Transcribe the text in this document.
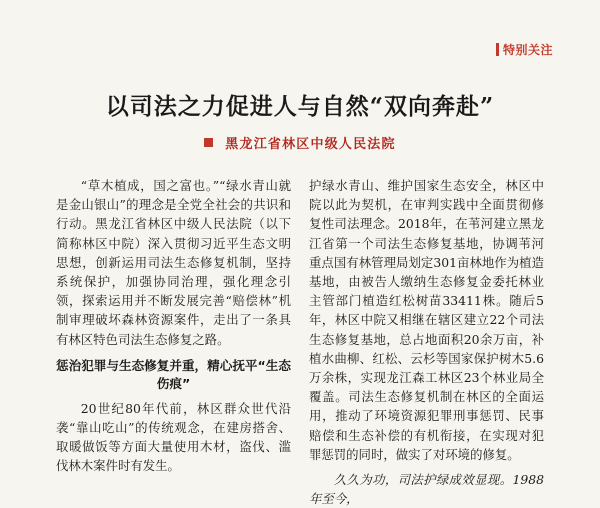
特别关注
以司法之力促进人与自然“双向奔赴”
黑龙江省林区中级人民法院

“草木植成，国之富也。”“绿水青山就是金山银山”的理念是全党全社会的共识和行动。黑龙江省林区中级人民法院（以下简称林区中院）深入贯彻习近平生态文明思想，创新运用司法生态修复机制，坚持系统保护，加强协同治理，强化理念引领，探索运用并不断发展完善“赔偿林”机制审理破坏森林资源案件，走出了一条具有林区特色司法生态修复之路。

惩治犯罪与生态修复并重，精心抚平“生态伤痕”

20世纪80年代前，林区群众世代沿袭“靠山吃山”的传统观念，在建房搭舍、取暖做饭等方面大量使用木材，盗伐、滥伐林木案件时有发生。

护绿水青山、维护国家生态安全，林区中院以此为契机，在审判实践中全面贯彻修复性司法理念。2018年，在苇河建立黑龙江省第一个司法生态修复基地，协调苇河重点国有林管理局划定301亩林地作为植造基地，由被告人缴纳生态修复金委托林业主管部门植造红松树苗33411株。随后5年，林区中院又相继在辖区建立22个司法生态修复基地，总占地面积20余万亩，补植水曲柳、红松、云杉等国家保护树木5.6万余株，实现龙江森工林区23个林业局全覆盖。司法生态修复机制在林区的全面运用，推动了环境资源犯罪刑事惩罚、民事赔偿和生态补偿的有机衔接，在实现对犯罪惩罚的同时，做实了对环境的修复。

久久为功，司法护绿成效显现。1988年至今，
